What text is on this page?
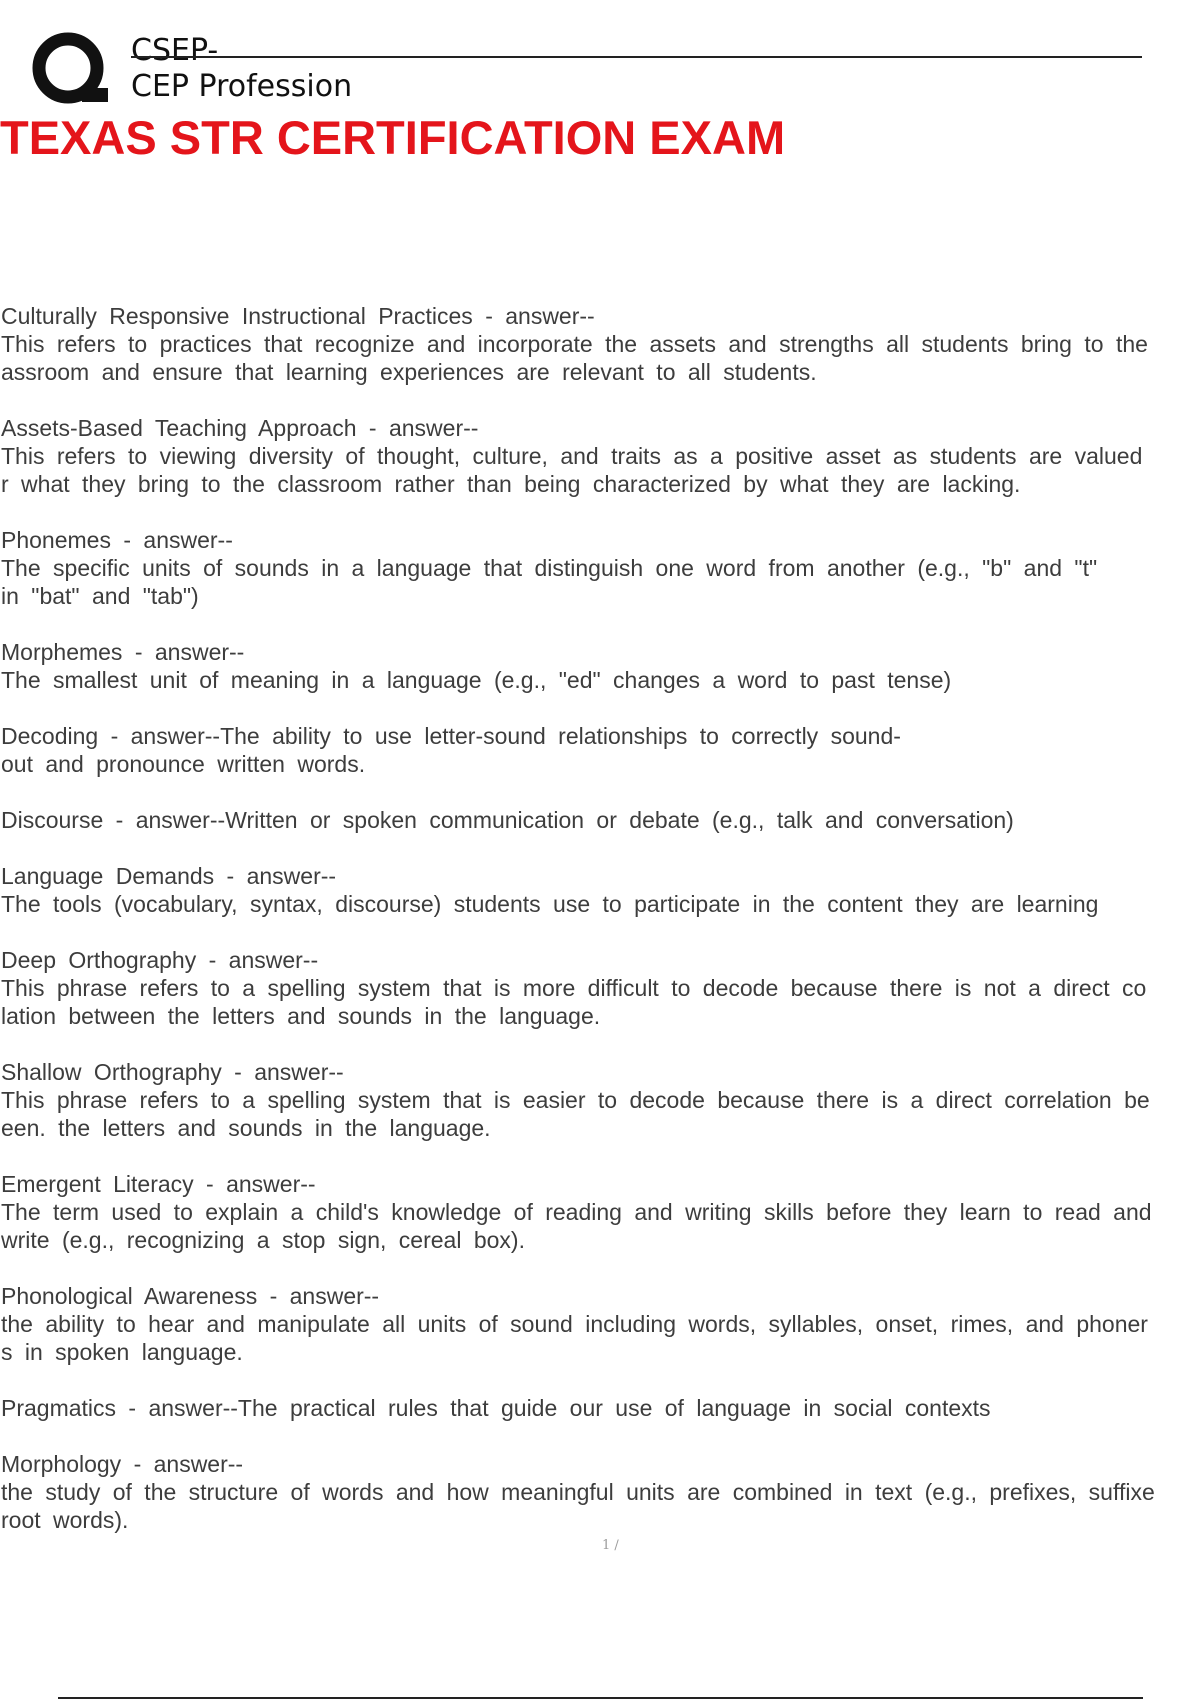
CSEP-
CEP Profession
TEXAS STR CERTIFICATION EXAM
Culturally Responsive Instructional Practices - answer--
This refers to practices that recognize and incorporate the assets and strengths all students bring to the
assroom and ensure that learning experiences are relevant to all students.
Assets-Based Teaching Approach - answer--
This refers to viewing diversity of thought, culture, and traits as a positive asset as students are valued
r what they bring to the classroom rather than being characterized by what they are lacking.
Phonemes - answer--
The specific units of sounds in a language that distinguish one word from another (e.g., "b" and "t"
in "bat" and "tab")
Morphemes - answer--
The smallest unit of meaning in a language (e.g., "ed" changes a word to past tense)
Decoding - answer--The ability to use letter-sound relationships to correctly sound-
out and pronounce written words.
Discourse - answer--Written or spoken communication or debate (e.g., talk and conversation)
Language Demands - answer--
The tools (vocabulary, syntax, discourse) students use to participate in the content they are learning
Deep Orthography - answer--
This phrase refers to a spelling system that is more difficult to decode because there is not a direct co
lation between the letters and sounds in the language.
Shallow Orthography - answer--
This phrase refers to a spelling system that is easier to decode because there is a direct correlation be
een. the letters and sounds in the language.
Emergent Literacy - answer--
The term used to explain a child's knowledge of reading and writing skills before they learn to read and
write (e.g., recognizing a stop sign, cereal box).
Phonological Awareness - answer--
the ability to hear and manipulate all units of sound including words, syllables, onset, rimes, and phoner
s in spoken language.
Pragmatics - answer--The practical rules that guide our use of language in social contexts
Morphology - answer--
the study of the structure of words and how meaningful units are combined in text (e.g., prefixes, suffixe
root words).
1 /
